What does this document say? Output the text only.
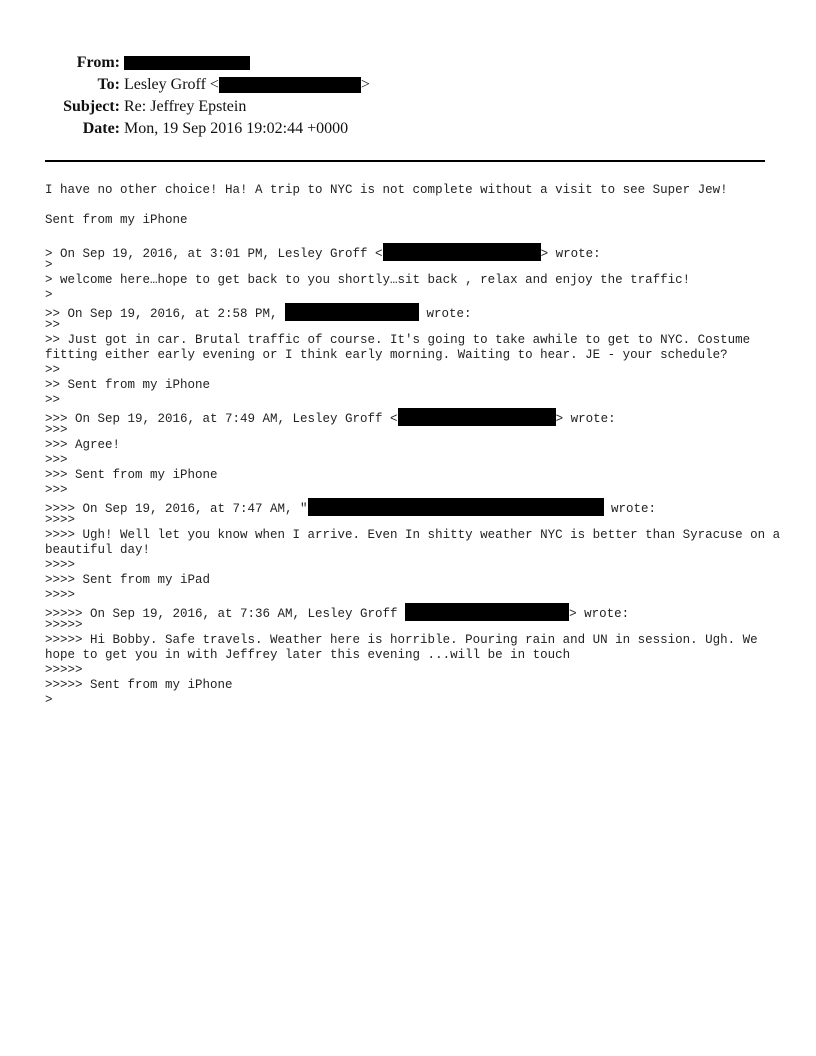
From:
To: Lesley Groff <	>
Subject: Re: Jeffrey Epstein
Date: Mon, 19 Sep 2016 19:02:44 +0000
I have no other choice! Ha! A trip to NYC is not complete without a visit to see Super Jew!
Sent from my iPhone
> On Sep 19, 2016, at 3:01 PM, Lesley Groff <	> wrote:
>
> welcome here…hope to get back to you shortly…sit back , relax and enjoy the traffic!
>
>> On Sep 19, 2016, at 2:58 PM,	wrote:
>>
>> Just got in car. Brutal traffic of course. It's going to take awhile to get to NYC. Costume fitting either early evening or I think early morning. Waiting to hear. JE - your schedule?
>>
>> Sent from my iPhone
>>
>>> On Sep 19, 2016, at 7:49 AM, Lesley Groff <	> wrote:
>>>
>>> Agree!
>>>
>>> Sent from my iPhone
>>>
>>>> On Sep 19, 2016, at 7:47 AM, "	wrote:
>>>>
>>>> Ugh! Well let you know when I arrive. Even In shitty weather NYC is better than Syracuse on a beautiful day!
>>>>
>>>> Sent from my iPad
>>>>
>>>>> On Sep 19, 2016, at 7:36 AM, Lesley Groff	> wrote:
>>>>>
>>>>> Hi Bobby. Safe travels. Weather here is horrible. Pouring rain and UN in session. Ugh. We hope to get you in with Jeffrey later this evening ...will be in touch
>>>>>
>>>>> Sent from my iPhone
>
